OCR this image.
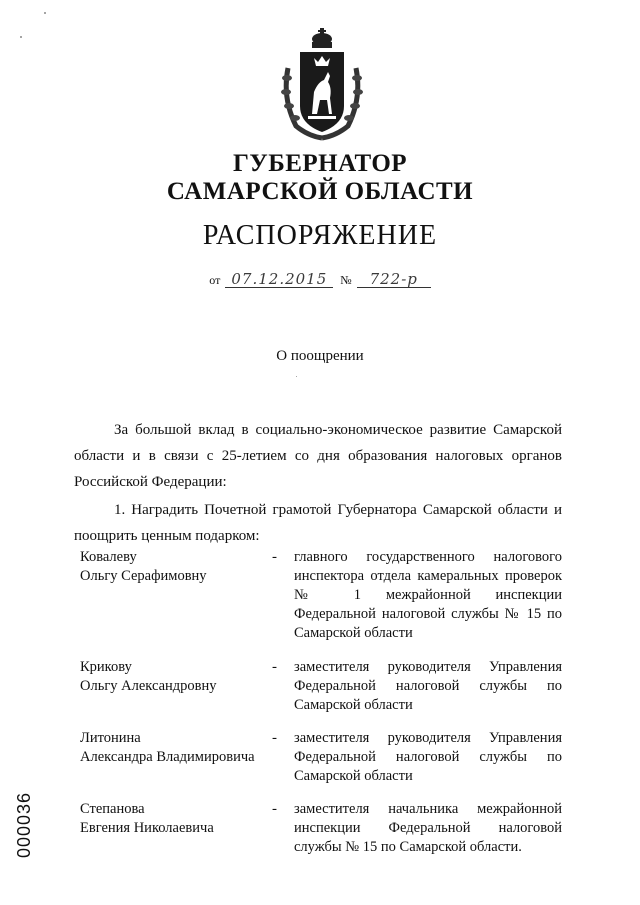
ГУБЕРНАТОР
САМАРСКОЙ ОБЛАСТИ
РАСПОРЯЖЕНИЕ
от 07.12.2015 № 722-р
О поощрении
За большой вклад в социально-экономическое развитие Самарской области и в связи с 25-летием со дня образования налоговых органов Российской Федерации:
1. Наградить Почетной грамотой Губернатора Самарской области и поощрить ценным подарком:
Ковалеву
Ольгу Серафимовну
- главного государственного налогового инспектора отдела камеральных проверок № 1 межрайонной инспекции Федеральной налоговой службы № 15 по Самарской области
Крикову
Ольгу Александровну
- заместителя руководителя Управления Федеральной налоговой службы по Самарской области
Литонина
Александра Владимировича
- заместителя руководителя Управления Федеральной налоговой службы по Самарской области
Степанова
Евгения Николаевича
- заместителя начальника межрайонной инспекции Федеральной налоговой службы № 15 по Самарской области.
000036
